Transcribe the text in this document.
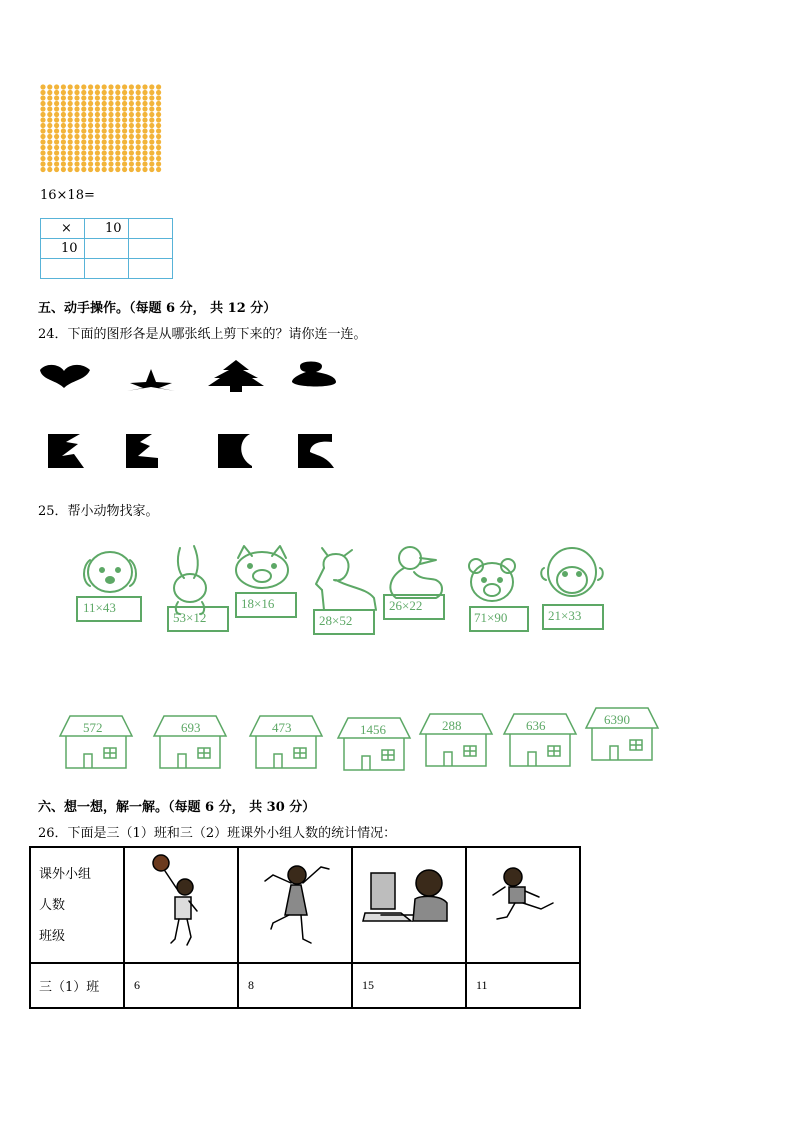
16×18=
×	10	
10		

五、动手操作。（每题 6 分， 共 12 分）
24．下面的图形各是从哪张纸上剪下来的？请你连一连。
25．帮小动物找家。
11×43
53×12
18×16
28×52
26×22
71×90	21×33
572	693	473	1456	288	636	6390
六、想一想，解一解。（每题 6 分， 共 30 分）
26．下面是三（1）班和三（2）班课外小组人数的统计情况：
课外小组
人数
班级

三（1）班	6	8	15	11
